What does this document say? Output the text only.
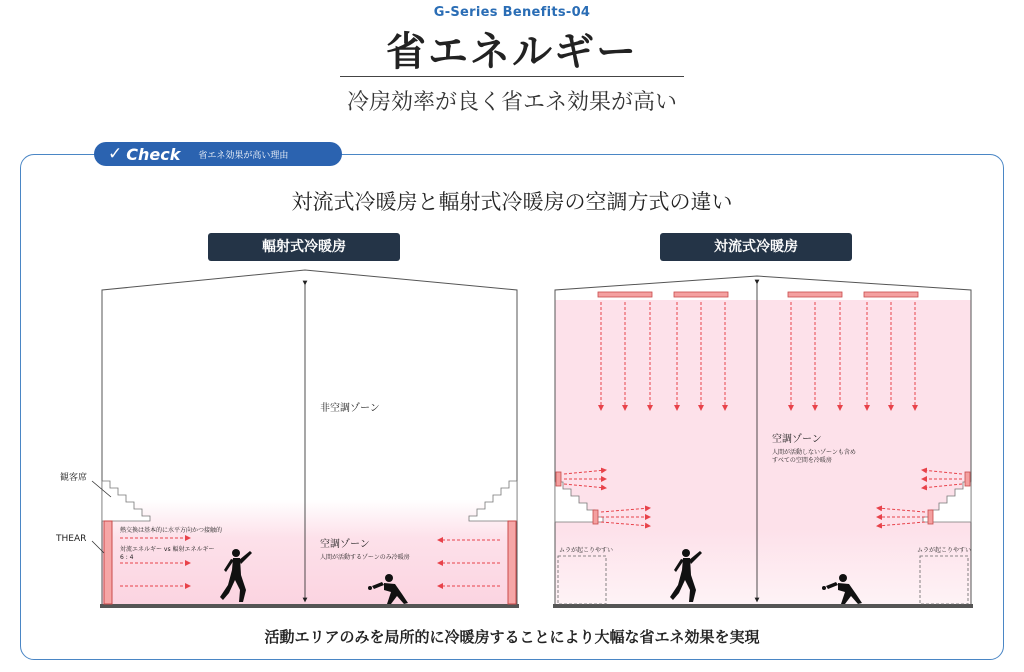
G-Series Benefits-04
省エネルギー
冷房効率が良く省エネ効果が高い
✓ Check 省エネ効果が高い理由
対流式冷暖房と輻射式冷暖房の空調方式の違い
輻射式冷暖房	対流式冷暖房
非空調ゾーン
空調ゾーン
人間が活動するゾーンのみ冷暖房
観客席
THEAR
熱交換は基本的に水平方向かつ接触的
対流エネルギー vs 輻射エネルギー
6 : 4
空調ゾーン
人間が活動しないゾーンも含め
すべての空間を冷暖房
ムラが起こりやすい	ムラが起こりやすい
活動エリアのみを局所的に冷暖房することにより大幅な省エネ効果を実現
